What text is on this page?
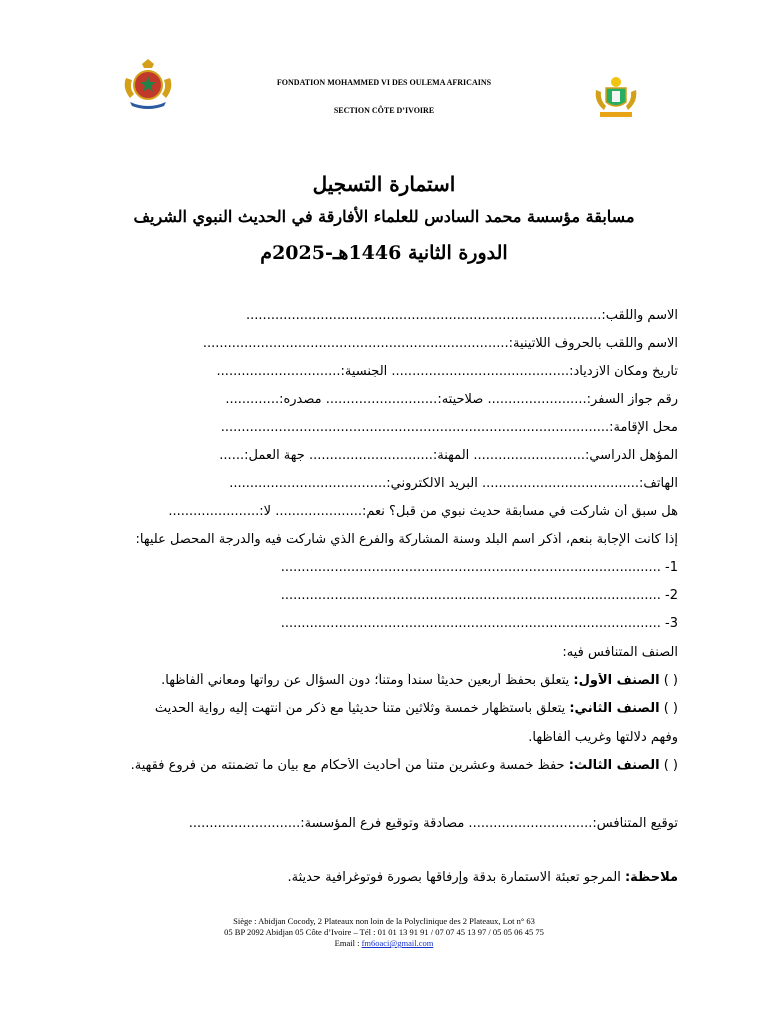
FONDATION MOHAMMED VI DES OULEMA AFRICAINS
SECTION CÔTE D’IVOIRE
استمارة التسجيل
مسابقة مؤسسة محمد السادس للعلماء الأفارقة في الحديث النبوي الشريف
الدورة الثانية 1446هـ-2025م
الاسم واللقب:......................................................................................
الاسم واللقب بالحروف اللاتينية:..........................................................................
تاريخ ومكان الازدياد:........................................... الجنسية:..............................
رقم جواز السفر:........................ صلاحيته:........................... مصدره:.............
محل الإقامة:..............................................................................................
المؤهل الدراسي:........................... المهنة:.............................. جهة العمل:......
الهاتف:...................................... البريد الالكتروني:......................................
هل سبق أن شاركت في مسابقة حديث نبوي من قبل؟ نعم:..................... لا:......................
إذا كانت الإجابة بنعم، أذكر اسم البلد وسنة المشاركة والفرع الذي شاركت فيه والدرجة المحصل عليها:
1- ............................................................................................
2- ............................................................................................
3- ............................................................................................
الصنف المتنافس فيه:
( ) الصنف الأول: يتعلق بحفظ أربعين حديثاً سنداً ومتناً؛ دون السؤال عن رواتها ومعاني ألفاظها.
( ) الصنف الثاني: يتعلق باستظهار خمسة وثلاثين متناً حديثياً مع ذكر من انتهت إليه رواية الحديث
وفهم دلالتها وغريب ألفاظها.
( ) الصنف الثالث: حفظ خمسة وعشرين متناً من أحاديث الأحكام مع بيان ما تضمنته من فروع فقهية.
توقيع المتنافس:.............................. مصادقة وتوقيع فرع المؤسسة:...........................
ملاحظة: المرجو تعبئة الاستمارة بدقة وإرفاقها بصورة فوتوغرافية حديثة.
Siège : Abidjan Cocody, 2 Plateaux non loin de la Polyclinique des 2 Plateaux, Lot n° 63
05 BP 2092 Abidjan 05 Côte d’Ivoire – Tél : 01 01 13 91 91 / 07 07 45 13 97 / 05 05 06 45 75
Email : fm6oaci@gmail.com
